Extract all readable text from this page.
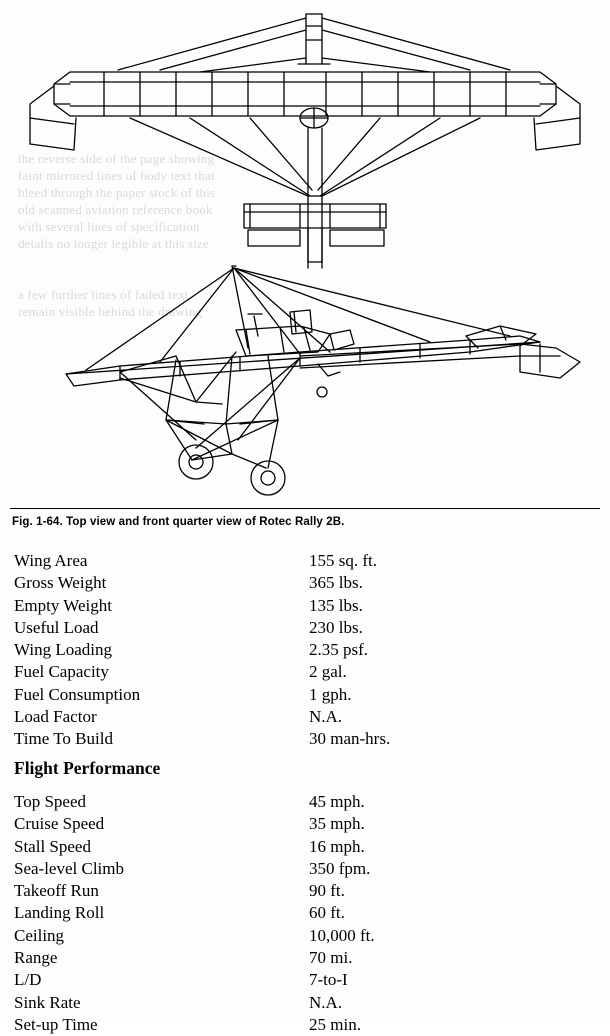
the reverse side of the page showing
faint mirrored lines of body text that
bleed through the paper stock of this
old scanned aviation reference book
with several lines of specification
details no longer legible at this size

a few further lines of faded text
remain visible behind the drawing
Fig. 1-64. Top view and front quarter view of Rotec Rally 2B.
Wing Area	155 sq. ft.
Gross Weight	365 lbs.
Empty Weight	135 lbs.
Useful Load	230 lbs.
Wing Loading	2.35 psf.
Fuel Capacity	2 gal.
Fuel Consumption	1 gph.
Load Factor	N.A.
Time To Build	30 man-hrs.
Flight Performance
Top Speed	45 mph.
Cruise Speed	35 mph.
Stall Speed	16 mph.
Sea-level Climb	350 fpm.
Takeoff Run	90 ft.
Landing Roll	60 ft.
Ceiling	10,000 ft.
Range	70 mi.
L/D	7-to-I
Sink Rate	N.A.
Set-up Time	25 min.
